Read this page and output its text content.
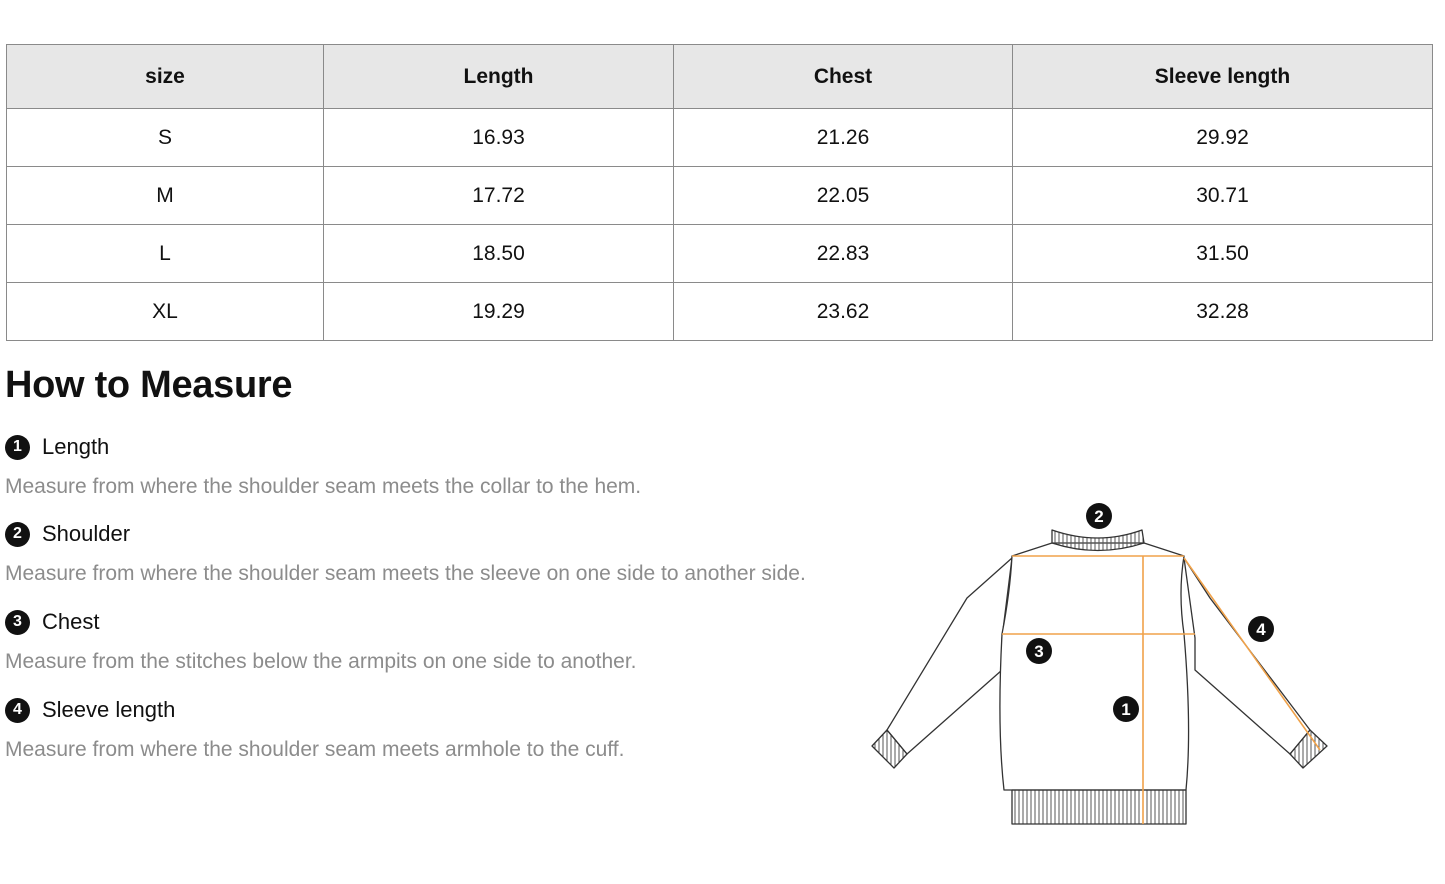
size	Length	Chest	Sleeve length
S	16.93	21.26	29.92
M	17.72	22.05	30.71
L	18.50	22.83	31.50
XL	19.29	23.62	32.28
How to Measure
1 Length
Measure from where the shoulder seam meets the collar to the hem.
2 Shoulder
Measure from where the shoulder seam meets the sleeve on one side to another side.
3 Chest
Measure from the stitches below the armpits on one side to another.
4 Sleeve length
Measure from where the shoulder seam meets armhole to the cuff.
2
3
1
4
